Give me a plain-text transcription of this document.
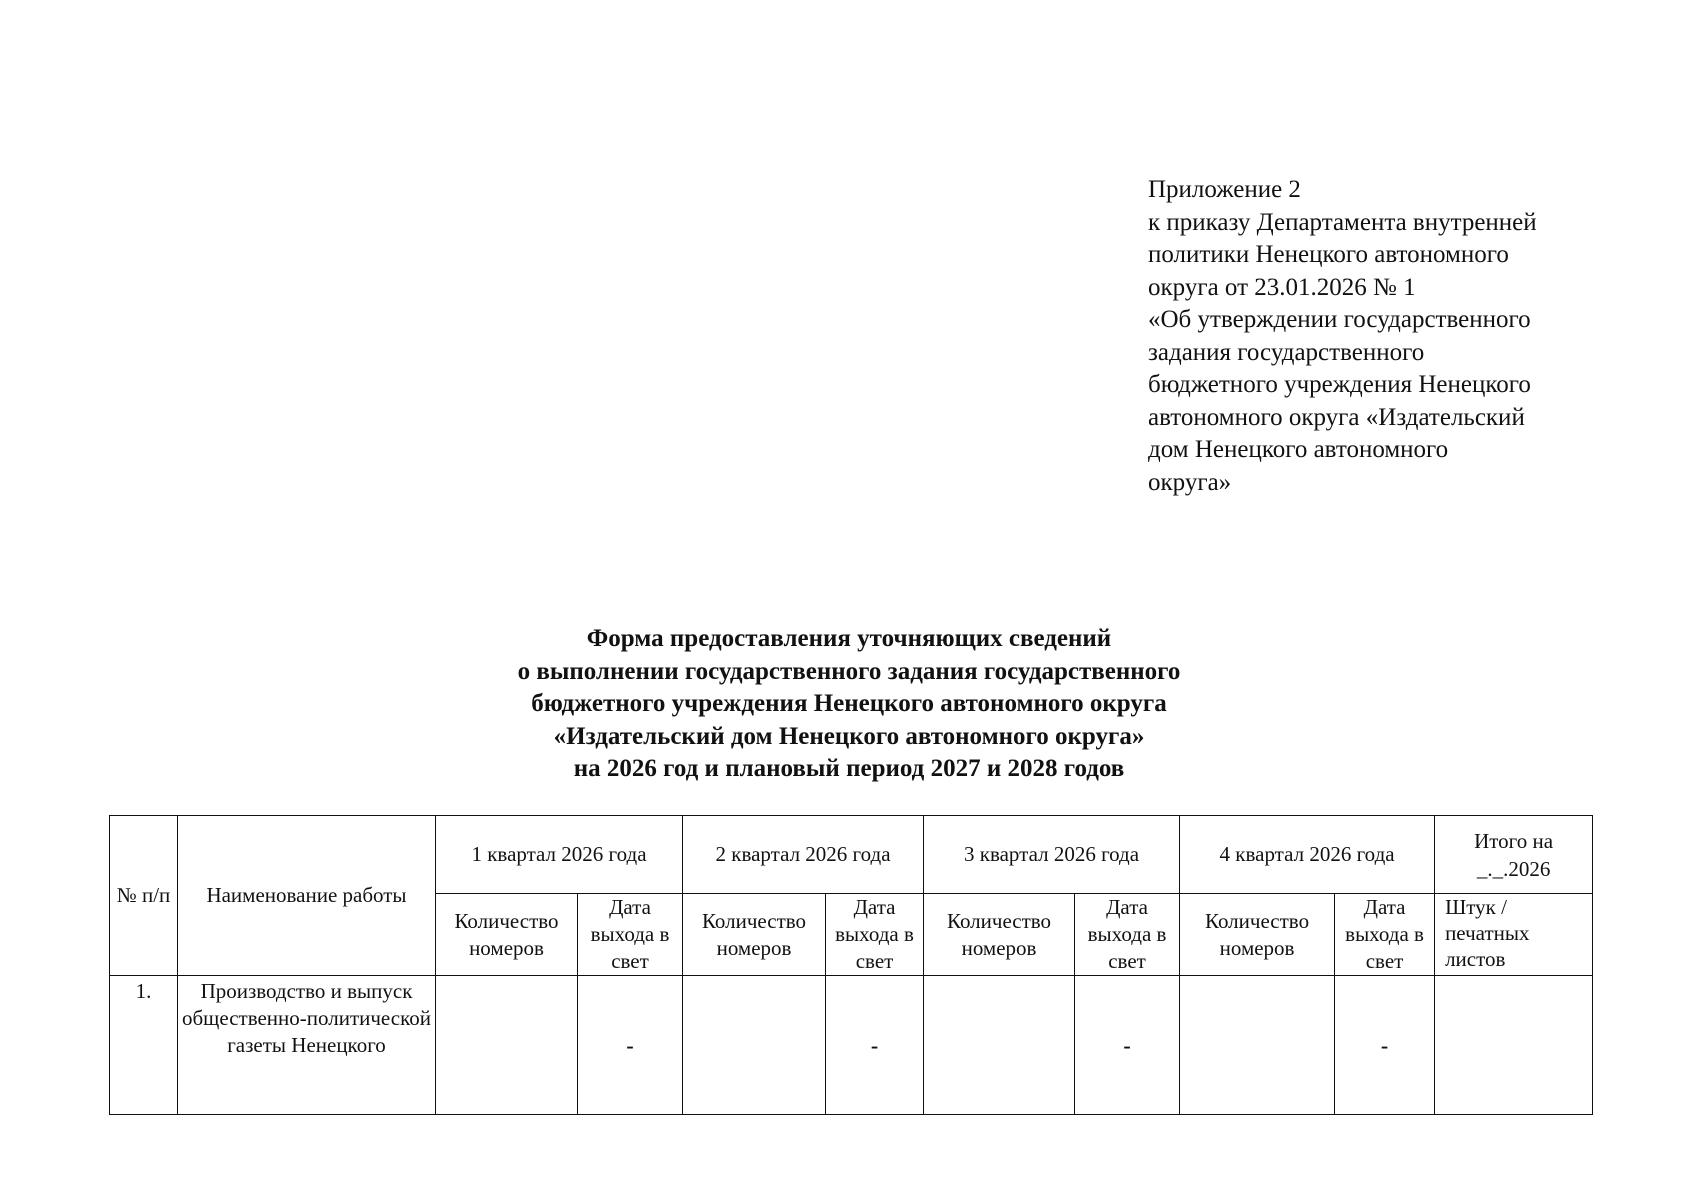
Приложение 2
к приказу Департамента внутренней
политики Ненецкого автономного
округа от 23.01.2026 № 1
«Об утверждении государственного
задания государственного
бюджетного учреждения Ненецкого
автономного округа «Издательский
дом Ненецкого автономного
округа»
Форма предоставления уточняющих сведений
о выполнении государственного задания государственного
бюджетного учреждения Ненецкого автономного округа
«Издательский дом Ненецкого автономного округа»
на 2026 год и плановый период 2027 и 2028 годов
№ п/п	Наименование работы	1 квартал 2026 года		2 квартал 2026 года		3 квартал 2026 года		4 квартал 2026 года		Итого на _._.2026
		Количество номеров	Дата выхода в свет	Количество номеров	Дата выхода в свет	Количество номеров	Дата выхода в свет	Количество номеров	Дата выхода в свет	Штук / печатных листов
1.	Производство и выпуск общественно-политической газеты Ненецкого		-		-		-		-	
